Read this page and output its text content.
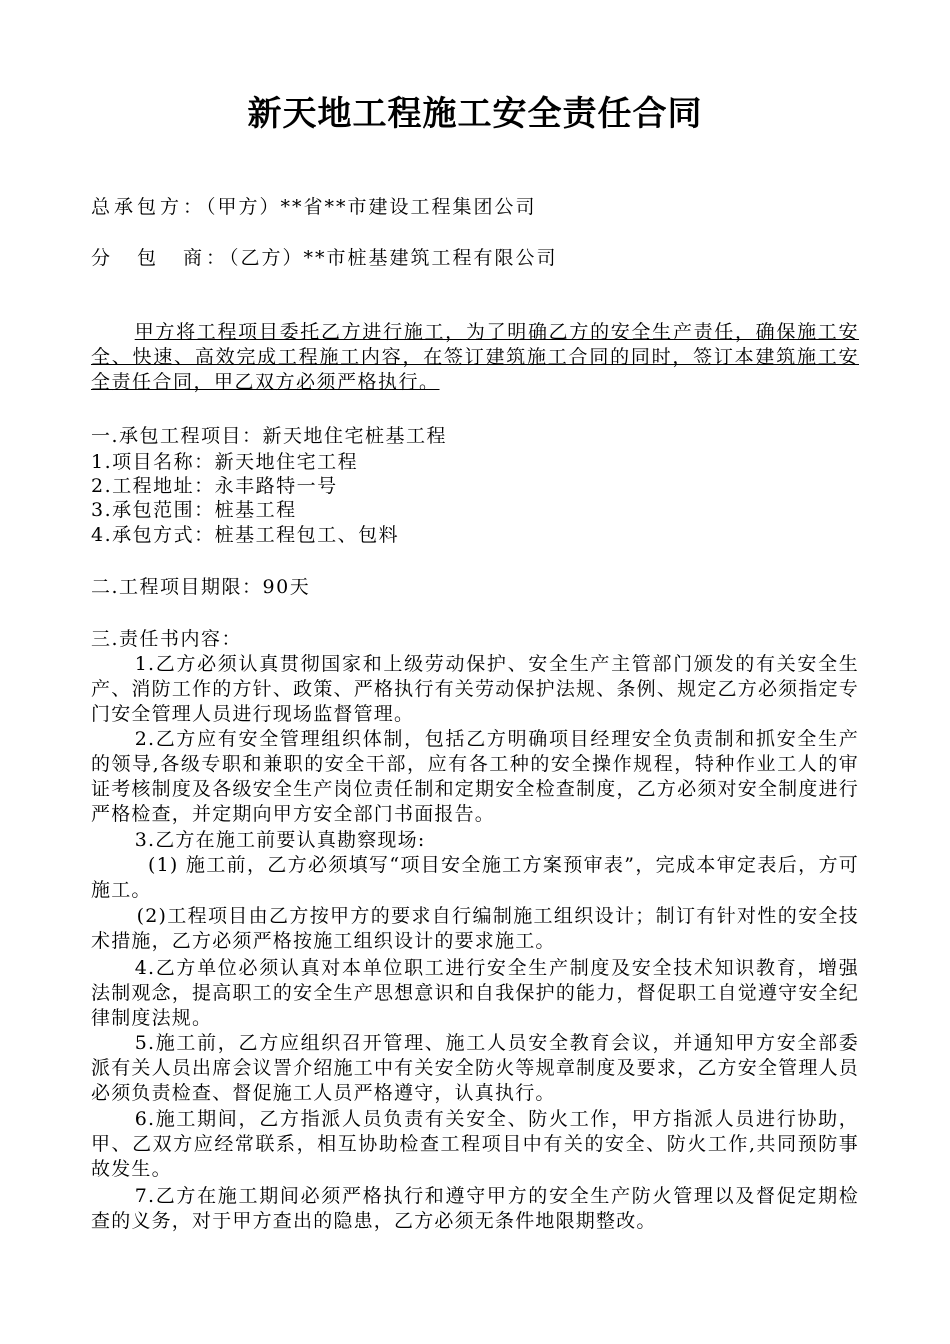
新天地工程施工安全责任合同
总承包方：（甲方）**省**市建设工程集团公司
分　包　商：（乙方）**市桩基建筑工程有限公司
甲方将工程项目委托乙方进行施工，为了明确乙方的安全生产责任，确保施工安全、快速、高效完成工程施工内容，在签订建筑施工合同的同时，签订本建筑施工安全责任合同，甲乙双方必须严格执行。
一.承包工程项目：新天地住宅桩基工程
1.项目名称：新天地住宅工程
2.工程地址：永丰路特一号
3.承包范围：桩基工程
4.承包方式：桩基工程包工、包料
二.工程项目期限：90天
三.责任书内容：
1.乙方必须认真贯彻国家和上级劳动保护、安全生产主管部门颁发的有关安全生产、消防工作的方针、政策、严格执行有关劳动保护法规、条例、规定乙方必须指定专门安全管理人员进行现场监督管理。
2.乙方应有安全管理组织体制，包括乙方明确项目经理安全负责制和抓安全生产的领导,各级专职和兼职的安全干部，应有各工种的安全操作规程，特种作业工人的审证考核制度及各级安全生产岗位责任制和定期安全检查制度，乙方必须对安全制度进行严格检查，并定期向甲方安全部门书面报告。
3.乙方在施工前要认真勘察现场:
(1) 施工前，乙方必须填写“项目安全施工方案预审表”，完成本审定表后，方可施工。
(2)工程项目由乙方按甲方的要求自行编制施工组织设计；制订有针对性的安全技术措施，乙方必须严格按施工组织设计的要求施工。
4.乙方单位必须认真对本单位职工进行安全生产制度及安全技术知识教育，增强法制观念，提高职工的安全生产思想意识和自我保护的能力，督促职工自觉遵守安全纪律制度法规。
5.施工前，乙方应组织召开管理、施工人员安全教育会议，并通知甲方安全部委派有关人员出席会议詈介绍施工中有关安全防火等规章制度及要求，乙方安全管理人员必须负责检查、督促施工人员严格遵守，认真执行。
6.施工期间，乙方指派人员负责有关安全、防火工作，甲方指派人员进行协助，甲、乙双方应经常联系，相互协助检查工程项目中有关的安全、防火工作,共同预防事故发生。
7.乙方在施工期间必须严格执行和遵守甲方的安全生产防火管理以及督促定期检查的义务，对于甲方查出的隐患，乙方必须无条件地限期整改。
